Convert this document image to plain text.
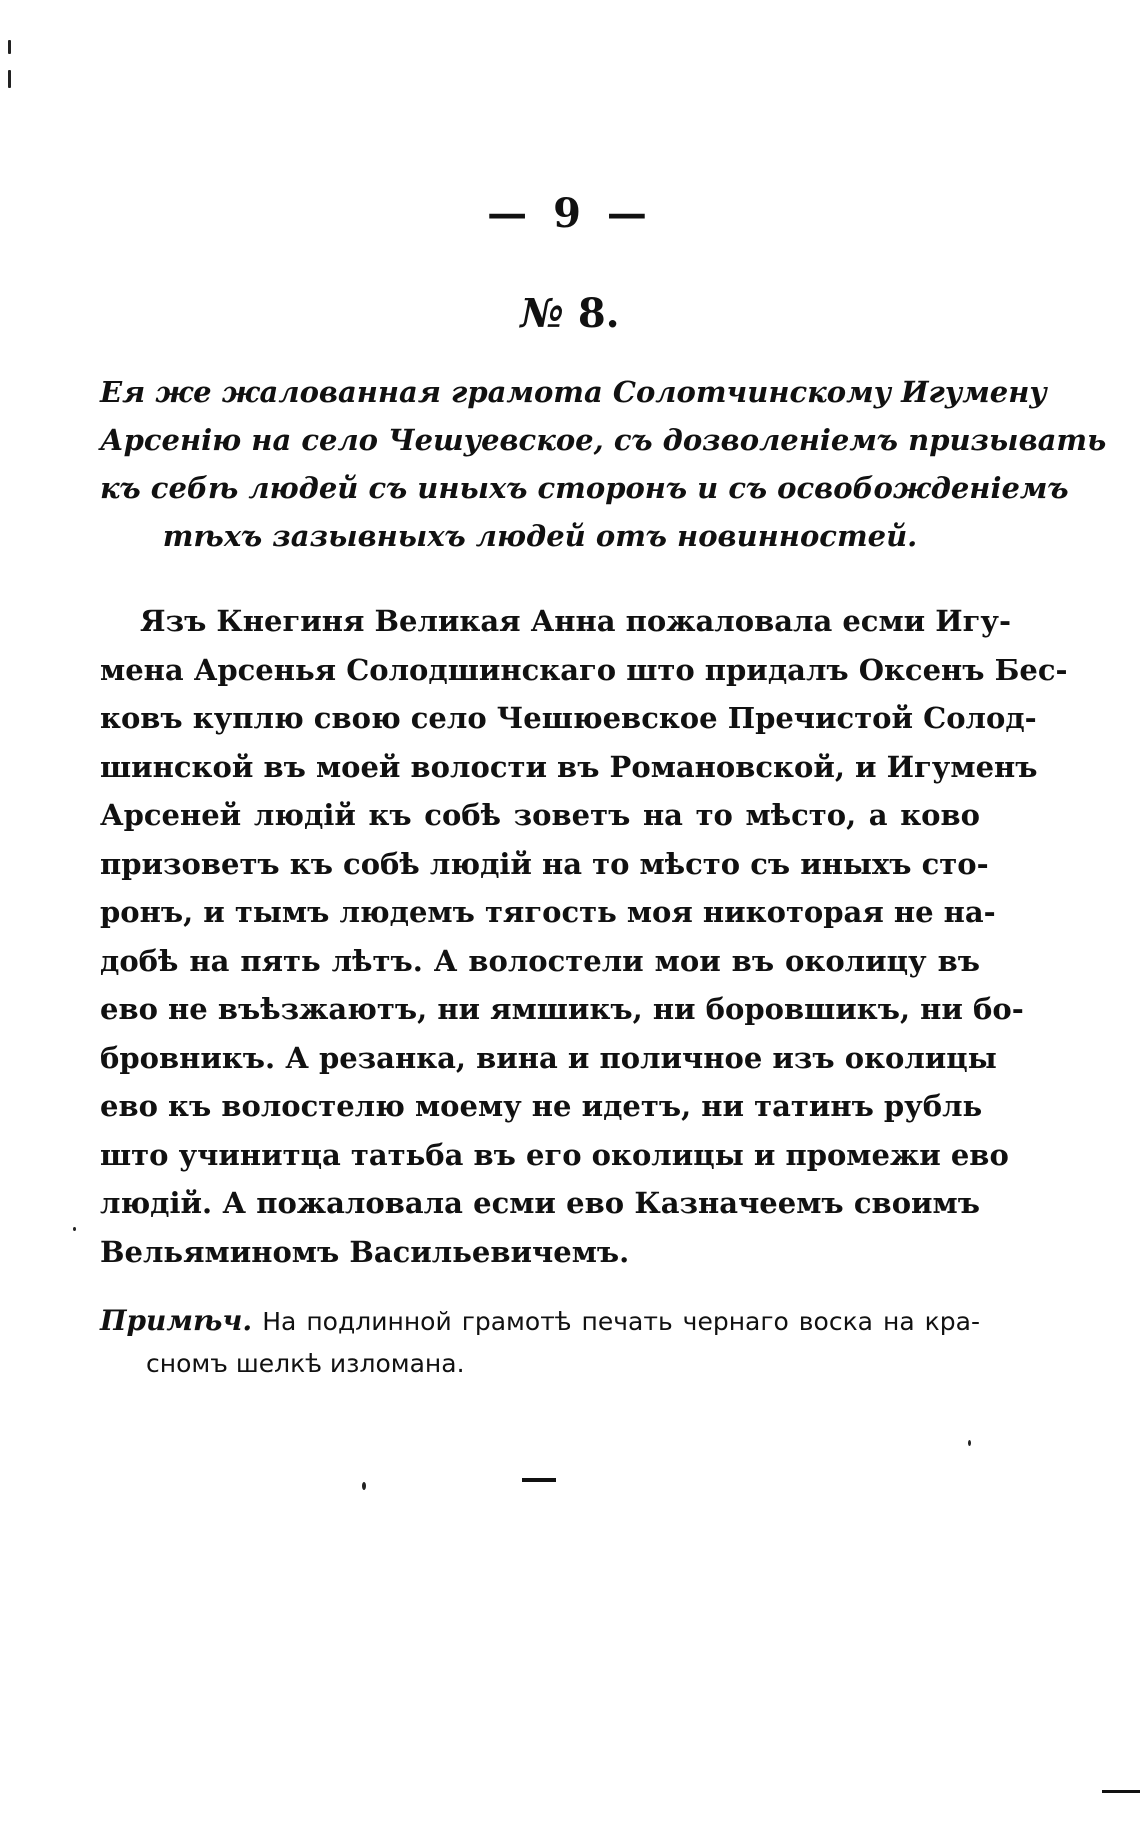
— 9 —
№ 8.
Ея же жалованная грамота Солотчинскому Игумену
Арсенію на село Чешуевское, съ дозволеніемъ призывать
къ себѣ людей съ иныхъ сторонъ и съ освобожденіемъ
тѣхъ зазывныхъ людей отъ новинностей.
Язъ Кнегиня Великая Анна пожаловала есми Игу-
мена Арсенья Солодшинскаго што придалъ Оксенъ Бес-
ковъ куплю свою село Чешюевское Пречистой Солод-
шинской въ моей волости въ Романовской, и Игуменъ
Арсеней людій къ собѣ зоветъ на то мѣсто, а ково
призоветъ къ собѣ людій на то мѣсто съ иныхъ сто-
ронъ, и тымъ людемъ тягость моя никоторая не на-
добѣ на пять лѣтъ. А волостели мои въ околицу въ
ево не въѣзжаютъ, ни ямшикъ, ни боровшикъ, ни бо-
бровникъ. А резанка, вина и поличное изъ околицы
ево къ волостелю моему не идетъ, ни татинъ рубль
што учинитца татьба въ его околицы и промежи ево
людій. А пожаловала есми ево Казначеемъ своимъ
Вельяминомъ Васильевичемъ.
Примѣч. На подлинной грамотѣ печать чернаго воска на кра-
сномъ шелкѣ изломана.
